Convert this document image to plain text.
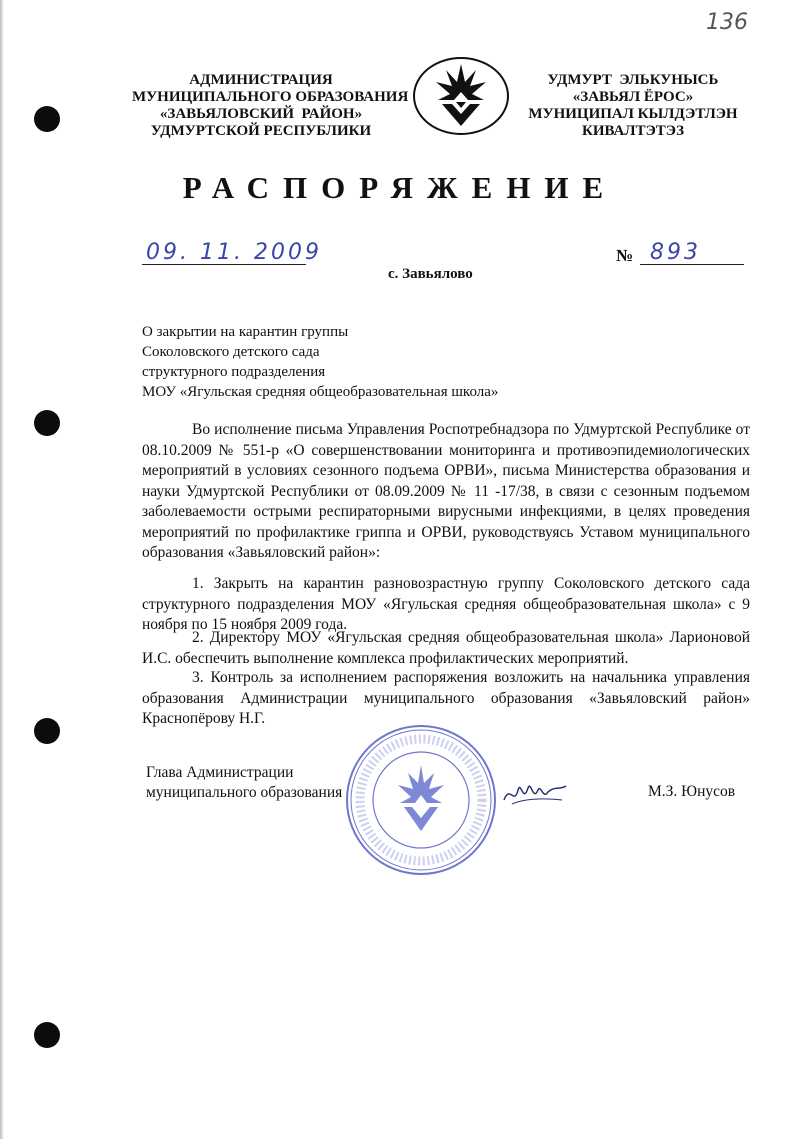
136
АДМИНИСТРАЦИЯ
МУНИЦИПАЛЬНОГО ОБРАЗОВАНИЯ
«ЗАВЬЯЛОВСКИЙ  РАЙОН»
УДМУРТСКОЙ РЕСПУБЛИКИ
УДМУРТ  ЭЛЬКУНЫСЬ
«ЗАВЬЯЛ ЁРОС»
МУНИЦИПАЛ КЫЛДЭТЛЭН
КИВАЛТЭТЭЗ
РАСПОРЯЖЕНИЕ
09. 11. 2009	№ 893
с. Завьялово
О закрытии на карантин группы
Соколовского детского сада
структурного подразделения
МОУ «Ягульская средняя общеобразовательная школа»
Во исполнение письма Управления Роспотребнадзора по Удмуртской Республике от 08.10.2009 № 551-р «О совершенствовании мониторинга и противоэпидемиологических мероприятий в условиях сезонного подъема ОРВИ», письма Министерства образования и науки Удмуртской Республики от 08.09.2009 № 11 -17/38, в связи с сезонным подъемом заболеваемости острыми респираторными вирусными инфекциями, в целях проведения мероприятий по профилактике гриппа и ОРВИ, руководствуясь Уставом муниципального образования «Завьяловский район»:
1. Закрыть на карантин разновозрастную группу Соколовского детского сада структурного подразделения МОУ «Ягульская средняя общеобразовательная школа» с 9 ноября по 15 ноября 2009 года.
2. Директору МОУ «Ягульская средняя общеобразовательная школа» Ларионовой И.С. обеспечить выполнение комплекса профилактических мероприятий.
3. Контроль за исполнением распоряжения возложить на начальника управления образования Администрации муниципального образования «Завьяловский район» Краснопёрову Н.Г.
Глава Администрации
муниципального образования	М.З. Юнусов
